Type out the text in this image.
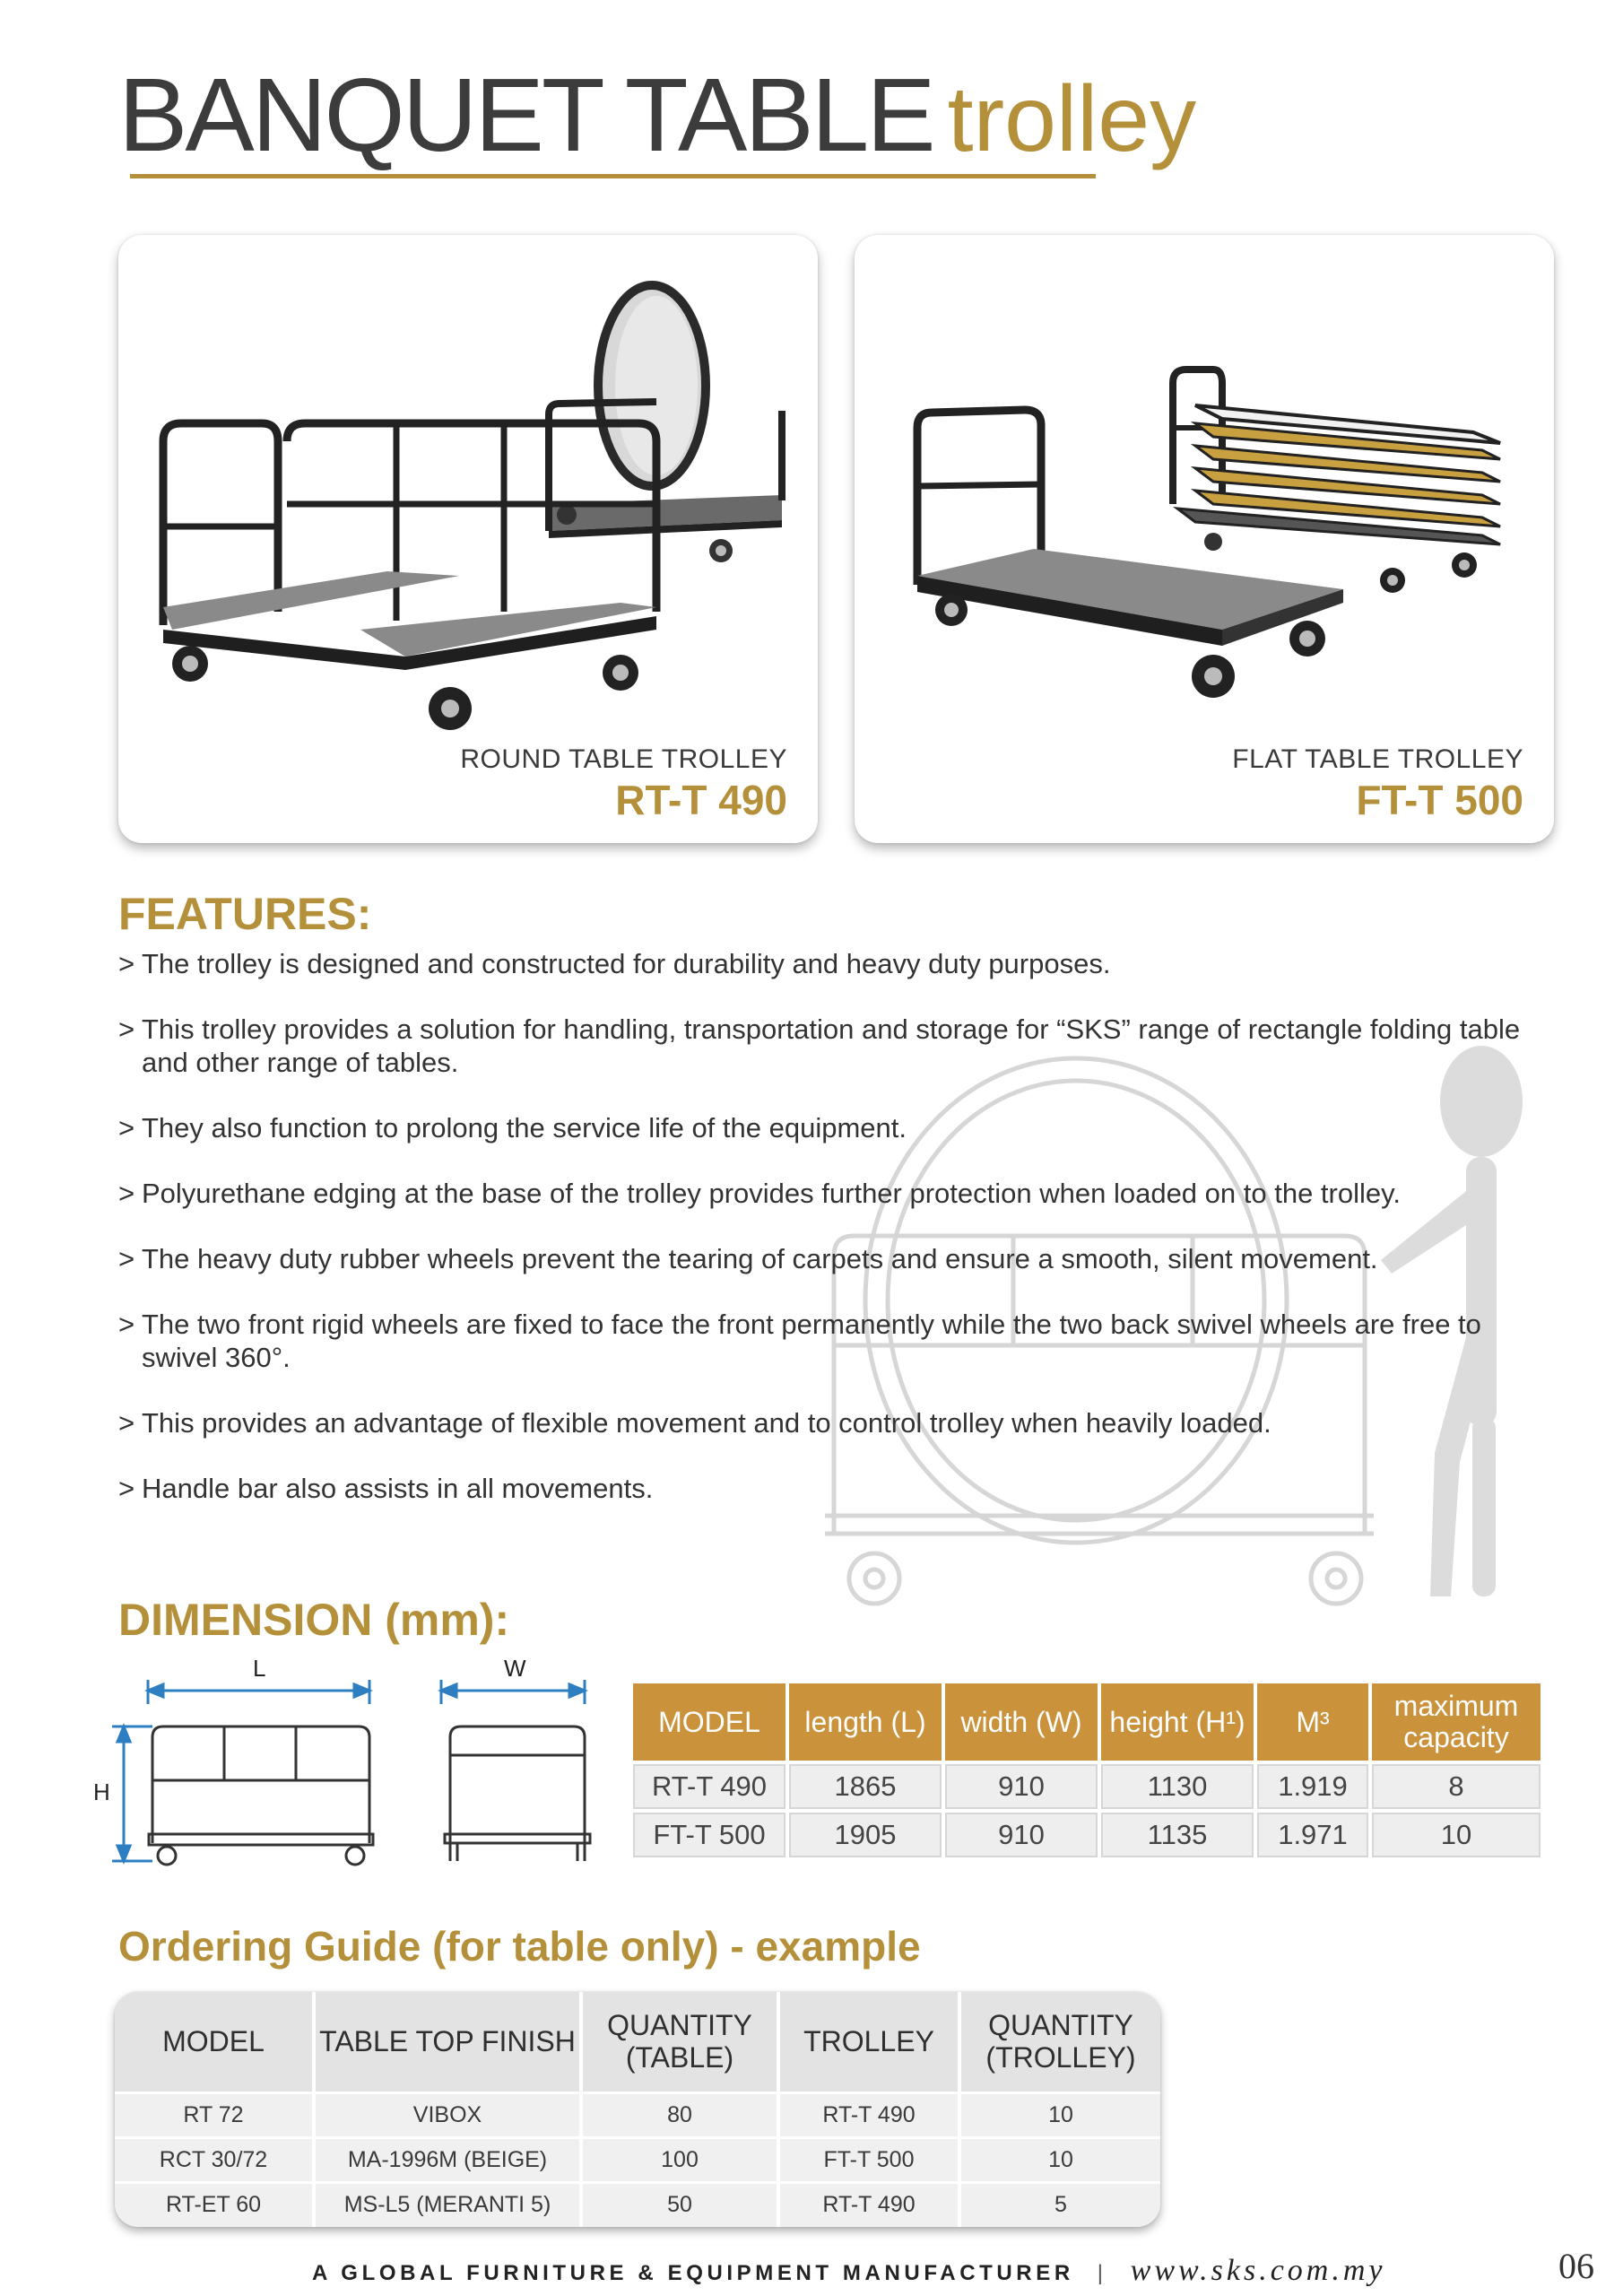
BANQUET TABLE trolley
ROUND TABLE TROLLEY
RT-T 490
FLAT TABLE TROLLEY
FT-T 500
FEATURES:
> The trolley is designed and constructed for durability and heavy duty purposes.
> This trolley provides a solution for handling, transportation and storage for “SKS” range of rectangle folding table and other range of tables.
> They also function to prolong the service life of the equipment.
> Polyurethane edging at the base of the trolley provides further protection when loaded on to the trolley.
> The heavy duty rubber wheels prevent the tearing of carpets and ensure a smooth, silent movement.
> The two front rigid wheels are fixed to face the front permanently while the two back swivel wheels are free to swivel 360°.
> This provides an advantage of flexible movement and to control trolley when heavily loaded.
> Handle bar also assists in all movements.
DIMENSION (mm):
L	W
H
MODEL	length (L)	width (W)	height (H¹)	M³	maximum capacity
RT-T 490	1865	910	1130	1.919	8
FT-T 500	1905	910	1135	1.971	10
Ordering Guide (for table only) - example
MODEL	TABLE TOP FINISH	QUANTITY (TABLE)	TROLLEY	QUANTITY (TROLLEY)
RT 72	VIBOX	80	RT-T 490	10
RCT 30/72	MA-1996M (BEIGE)	100	FT-T 500	10
RT-ET 60	MS-L5 (MERANTI 5)	50	RT-T 490	5
A GLOBAL FURNITURE & EQUIPMENT MANUFACTURER | www.sks.com.my	06
